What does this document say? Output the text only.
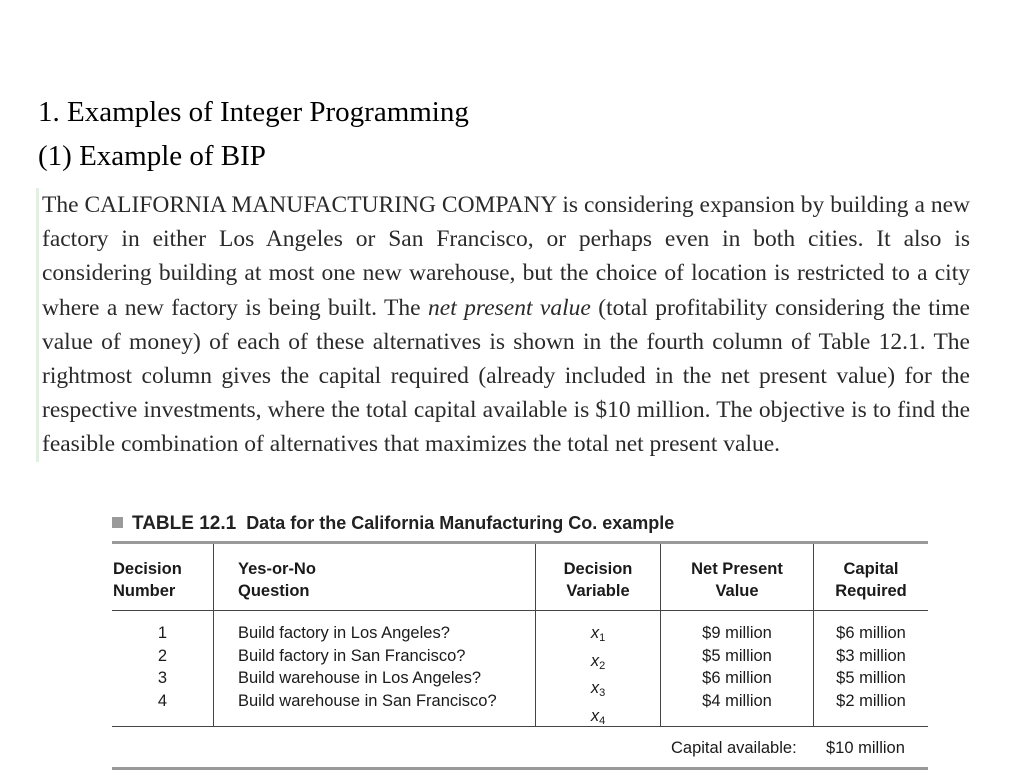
1. Examples of Integer Programming
(1) Example of BIP
The CALIFORNIA MANUFACTURING COMPANY is considering expansion by building a new factory in either Los Angeles or San Francisco, or perhaps even in both cities. It also is considering building at most one new warehouse, but the choice of location is restricted to a city where a new factory is being built. The net present value (total profitability considering the time value of money) of each of these alternatives is shown in the fourth column of Table 12.1. The rightmost column gives the capital required (already included in the net present value) for the respective investments, where the total capital available is $10 million. The objective is to find the feasible combination of alternatives that maximizes the total net present value.
TABLE 12.1 Data for the California Manufacturing Co. example
Decision
Number
Yes-or-No
Question
Decision
Variable
Net Present
Value
Capital
Required
1
2
3
4
Build factory in Los Angeles?
Build factory in San Francisco?
Build warehouse in Los Angeles?
Build warehouse in San Francisco?
$x_1$
$x_2$
$x_3$
$x_4$
$9 million
$5 million
$6 million
$4 million
$6 million
$3 million
$5 million
$2 million
Capital available: $10 million
